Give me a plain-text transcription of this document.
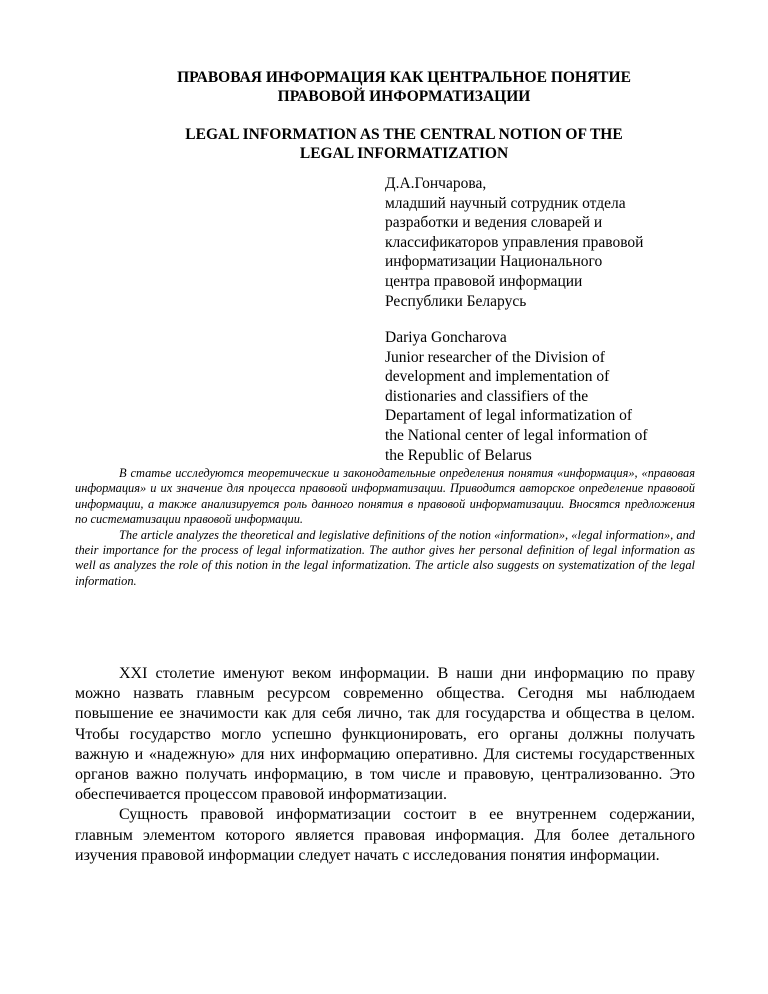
ПРАВОВАЯ ИНФОРМАЦИЯ КАК ЦЕНТРАЛЬНОЕ ПОНЯТИЕ
ПРАВОВОЙ ИНФОРМАТИЗАЦИИ
LEGAL INFORMATION AS THE CENTRAL NOTION OF THE
LEGAL INFORMATIZATION
Д.А.Гончарова,
младший научный сотрудник отдела
разработки и ведения словарей и
классификаторов управления правовой
информатизации Национального
центра правовой информации
Республики Беларусь
Dariya Goncharova
Junior researcher of the Division of
development and implementation of
distionaries and classifiers of the
Departament of legal informatization of
the National center of legal information of
the Republic of Belarus

В статье исследуются теоретические и законодательные определения понятия «информация», «правовая информация» и их значение для процесса правовой информатизации. Приводится авторское определение правовой информации, а также анализируется роль данного понятия в правовой информатизации. Вносятся предложения по систематизации правовой информации.

The article analyzes the theoretical and legislative definitions of the notion «information», «legal information», and their importance for the process of legal informatization. The author gives her personal definition of legal information as well as analyzes the role of this notion in the legal informatization. The article also suggests on systematization of the legal information.

XXI столетие именуют веком информации. В наши дни информацию по праву можно назвать главным ресурсом современно общества. Сегодня мы наблюдаем повышение ее значимости как для себя лично, так для государства и общества в целом. Чтобы государство могло успешно функционировать, его органы должны получать важную и «надежную» для них информацию оперативно. Для системы государственных органов важно получать информацию, в том числе и правовую, централизованно. Это обеспечивается процессом правовой информатизации.

Сущность правовой информатизации состоит в ее внутреннем содержании, главным элементом которого является правовая информация. Для более детального изучения правовой информации следует начать с исследования понятия информации.
